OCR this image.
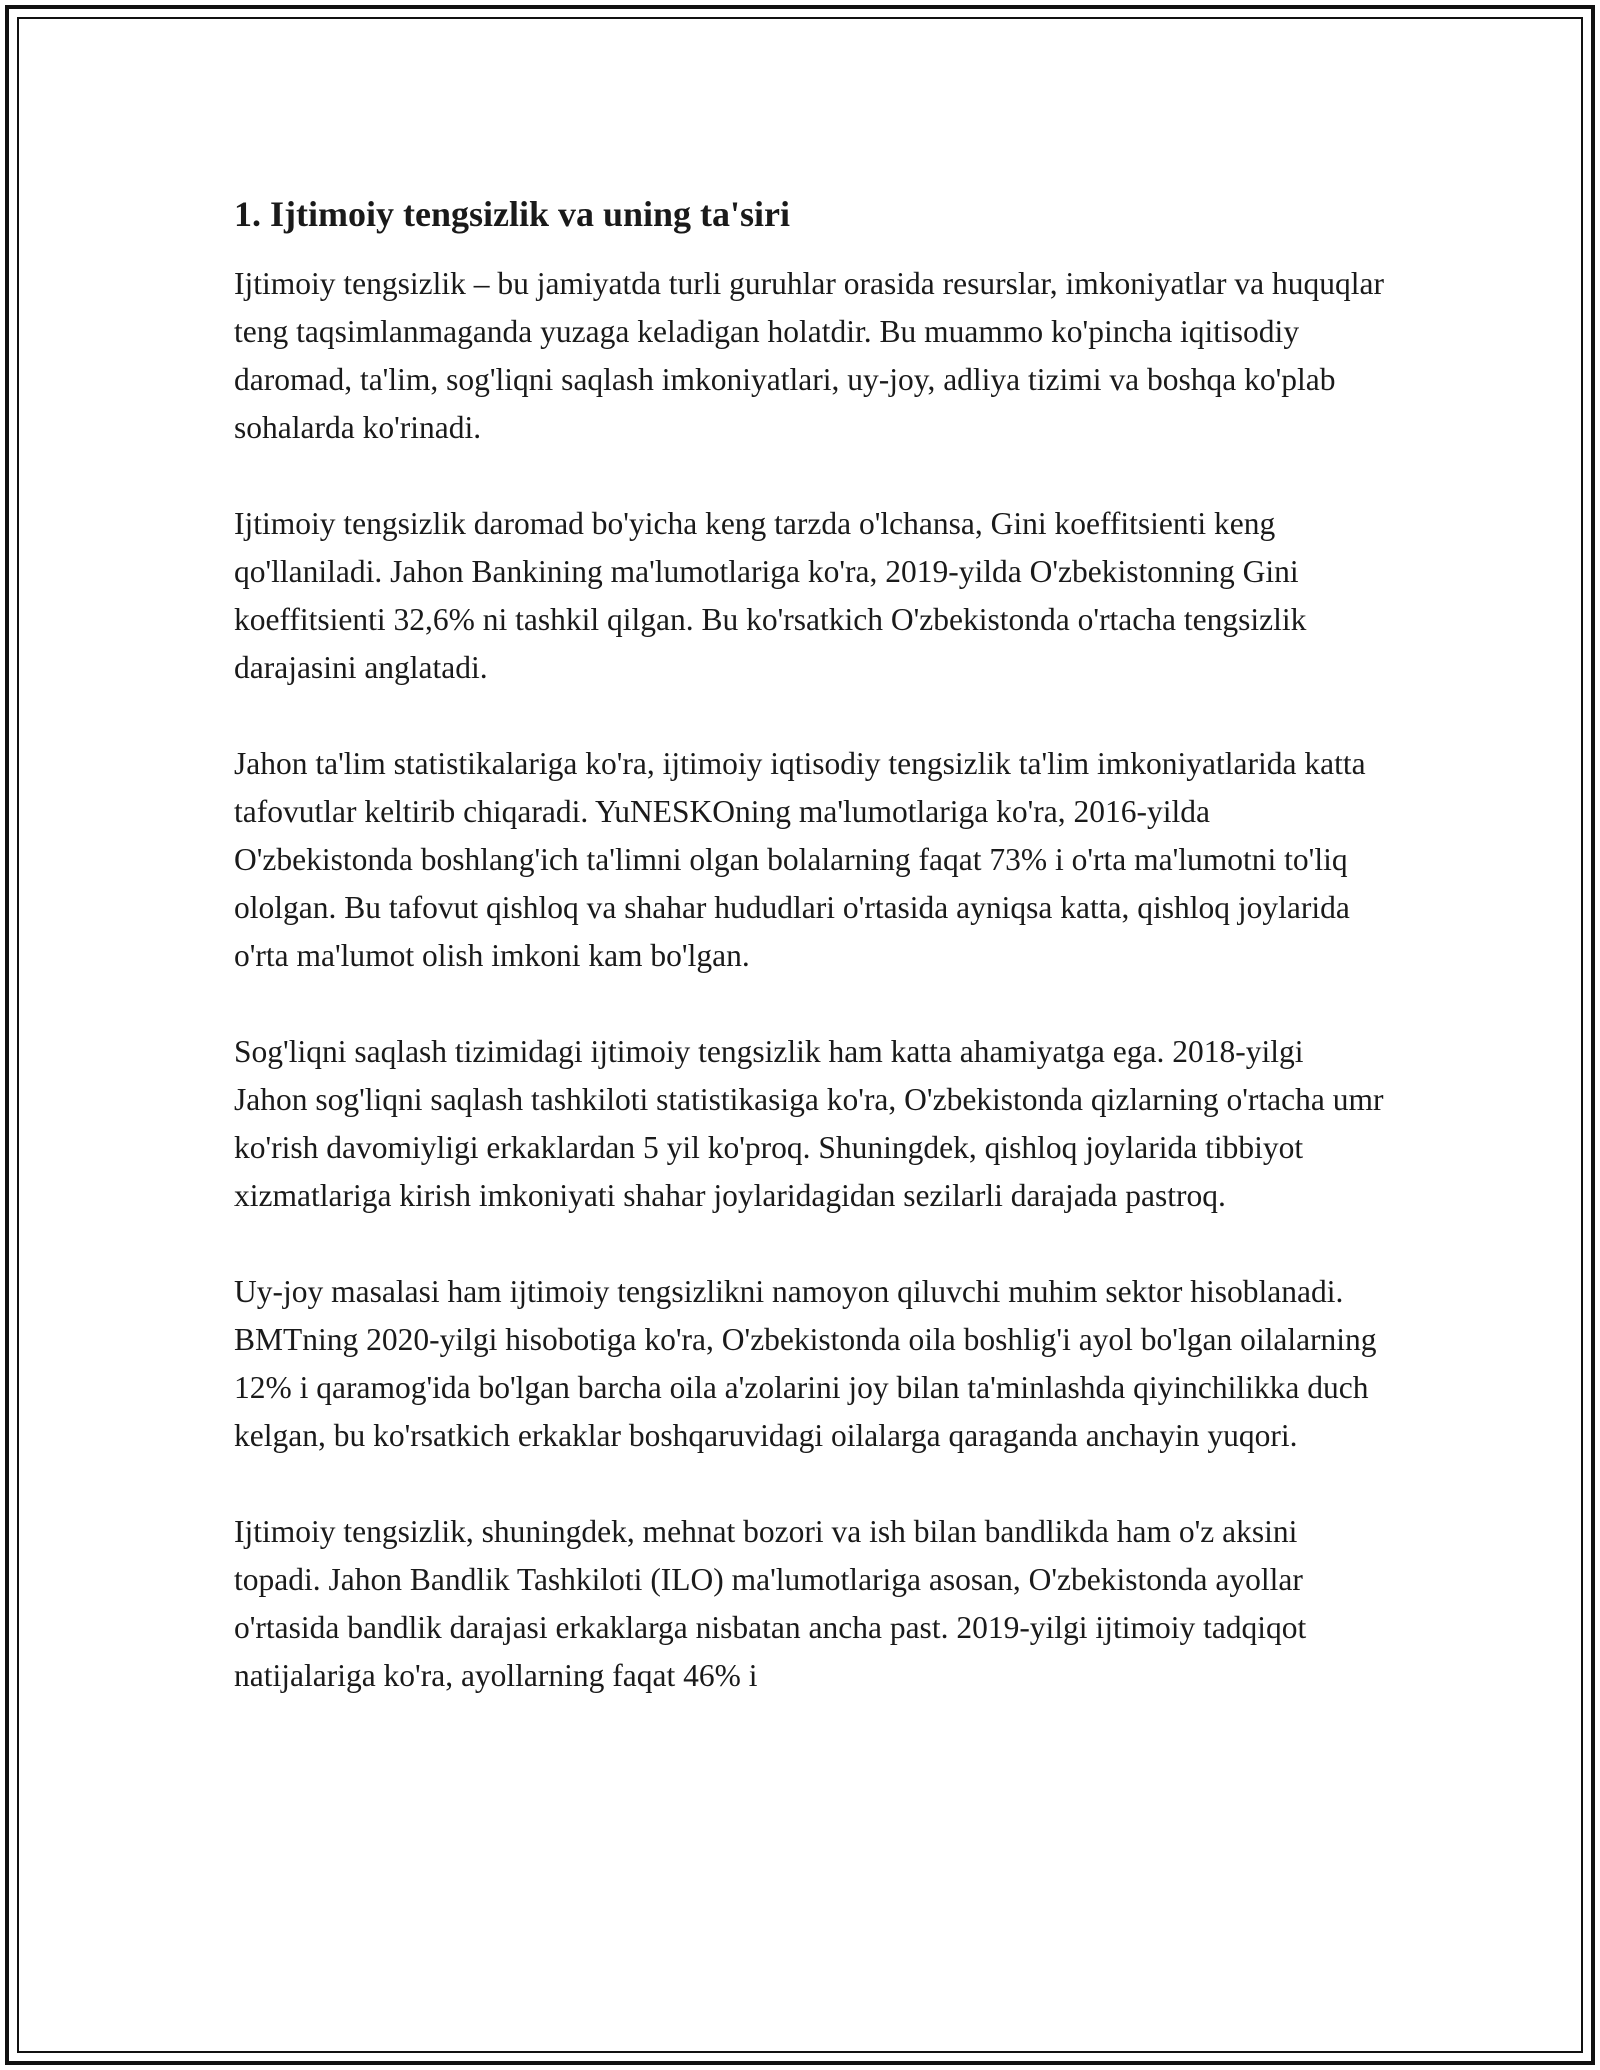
1. Ijtimoiy tengsizlik va uning ta'siri

Ijtimoiy tengsizlik – bu jamiyatda turli guruhlar orasida resurslar, imkoniyatlar va huquqlar teng taqsimlanmaganda yuzaga keladigan holatdir. Bu muammo ko'pincha iqitisodiy daromad, ta'lim, sog'liqni saqlash imkoniyatlari, uy-joy, adliya tizimi va boshqa ko'plab sohalarda ko'rinadi.

Ijtimoiy tengsizlik daromad bo'yicha keng tarzda o'lchansa, Gini koeffitsienti keng qo'llaniladi. Jahon Bankining ma'lumotlariga ko'ra, 2019-yilda O'zbekistonning Gini koeffitsienti 32,6% ni tashkil qilgan. Bu ko'rsatkich O'zbekistonda o'rtacha tengsizlik darajasini anglatadi.

Jahon ta'lim statistikalariga ko'ra, ijtimoiy iqtisodiy tengsizlik ta'lim imkoniyatlarida katta tafovutlar keltirib chiqaradi. YuNESKOning ma'lumotlariga ko'ra, 2016-yilda O'zbekistonda boshlang'ich ta'limni olgan bolalarning faqat 73% i o'rta ma'lumotni to'liq ololgan. Bu tafovut qishloq va shahar hududlari o'rtasida ayniqsa katta, qishloq joylarida o'rta ma'lumot olish imkoni kam bo'lgan.

Sog'liqni saqlash tizimidagi ijtimoiy tengsizlik ham katta ahamiyatga ega. 2018-yilgi Jahon sog'liqni saqlash tashkiloti statistikasiga ko'ra, O'zbekistonda qizlarning o'rtacha umr ko'rish davomiyligi erkaklardan 5 yil ko'proq. Shuningdek, qishloq joylarida tibbiyot xizmatlariga kirish imkoniyati shahar joylaridagidan sezilarli darajada pastroq.

Uy-joy masalasi ham ijtimoiy tengsizlikni namoyon qiluvchi muhim sektor hisoblanadi. BMTning 2020-yilgi hisobotiga ko'ra, O'zbekistonda oila boshlig'i ayol bo'lgan oilalarning 12% i qaramog'ida bo'lgan barcha oila a'zolarini joy bilan ta'minlashda qiyinchilikka duch kelgan, bu ko'rsatkich erkaklar boshqaruvidagi oilalarga qaraganda anchayin yuqori.

Ijtimoiy tengsizlik, shuningdek, mehnat bozori va ish bilan bandlikda ham o'z aksini topadi. Jahon Bandlik Tashkiloti (ILO) ma'lumotlariga asosan, O'zbekistonda ayollar o'rtasida bandlik darajasi erkaklarga nisbatan ancha past. 2019-yilgi ijtimoiy tadqiqot natijalariga ko'ra, ayollarning faqat 46% i
